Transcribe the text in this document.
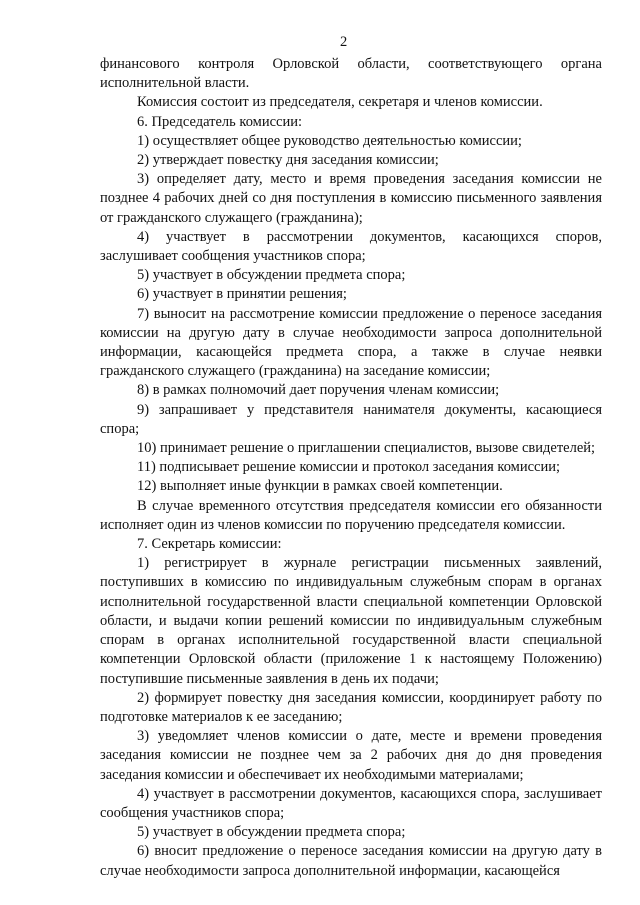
2

финансового контроля Орловской области, соответствующего органа исполнительной власти.

Комиссия состоит из председателя, секретаря и членов комиссии.

6. Председатель комиссии:

1) осуществляет общее руководство деятельностью комиссии;

2) утверждает повестку дня заседания комиссии;

3) определяет дату, место и время проведения заседания комиссии не позднее 4 рабочих дней со дня поступления в комиссию письменного заявления от гражданского служащего (гражданина);

4) участвует в рассмотрении документов, касающихся споров, заслушивает сообщения участников спора;

5) участвует в обсуждении предмета спора;

6) участвует в принятии решения;

7) выносит на рассмотрение комиссии предложение о переносе заседания комиссии на другую дату в случае необходимости запроса дополнительной информации, касающейся предмета спора, а также в случае неявки гражданского служащего (гражданина) на заседание комиссии;

8) в рамках полномочий дает поручения членам комиссии;

9) запрашивает у представителя нанимателя документы, касающиеся спора;

10) принимает решение о приглашении специалистов, вызове свидетелей;

11) подписывает решение комиссии и протокол заседания комиссии;

12) выполняет иные функции в рамках своей компетенции.

В случае временного отсутствия председателя комиссии его обязанности исполняет один из членов комиссии по поручению председателя комиссии.

7. Секретарь комиссии:

1) регистрирует в журнале регистрации письменных заявлений, поступивших в комиссию по индивидуальным служебным спорам в органах исполнительной государственной власти специальной компетенции Орловской области, и выдачи копии решений комиссии по индивидуальным служебным спорам в органах исполнительной государственной власти специальной компетенции Орловской области (приложение 1 к настоящему Положению) поступившие письменные заявления в день их подачи;

2) формирует повестку дня заседания комиссии, координирует работу по подготовке материалов к ее заседанию;

3) уведомляет членов комиссии о дате, месте и времени проведения заседания комиссии не позднее чем за 2 рабочих дня до дня проведения заседания комиссии и обеспечивает их необходимыми материалами;

4) участвует в рассмотрении документов, касающихся спора, заслушивает сообщения участников спора;

5) участвует в обсуждении предмета спора;

6) вносит предложение о переносе заседания комиссии на другую дату в случае необходимости запроса дополнительной информации, касающейся
